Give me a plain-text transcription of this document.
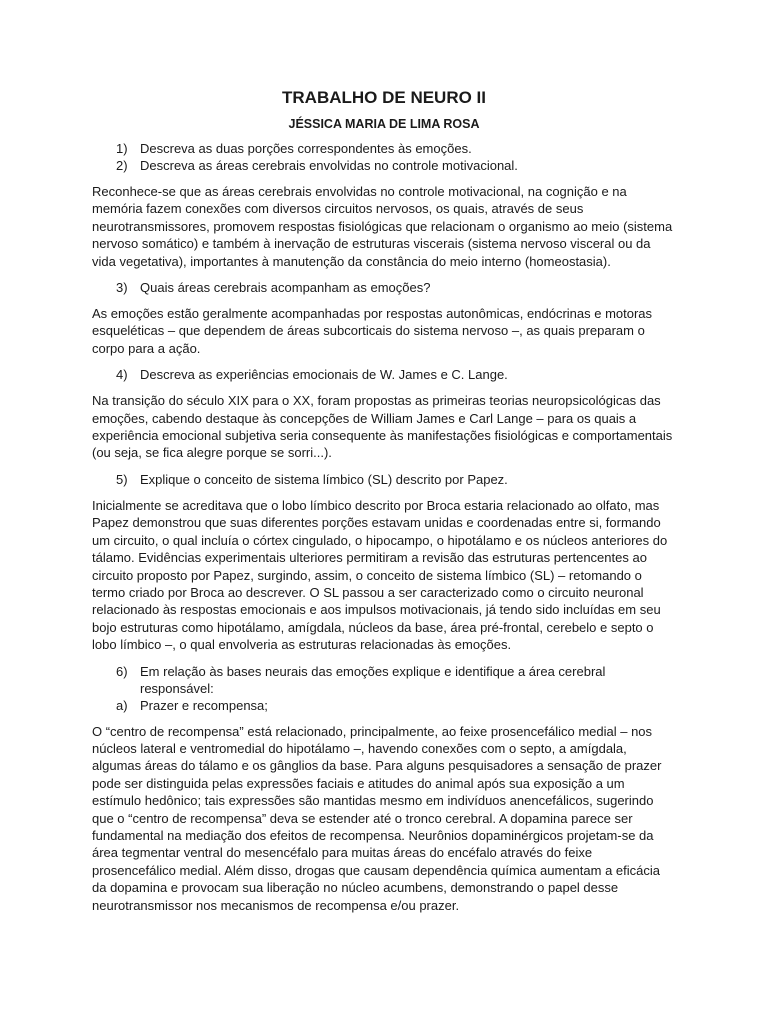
TRABALHO DE NEURO II
JÉSSICA MARIA DE LIMA ROSA
1) Descreva as duas porções correspondentes às emoções.
2) Descreva as áreas cerebrais envolvidas no controle motivacional.

Reconhece-se que as áreas cerebrais envolvidas no controle motivacional, na cognição e na memória fazem conexões com diversos circuitos nervosos, os quais, através de seus neurotransmissores, promovem respostas fisiológicas que relacionam o organismo ao meio (sistema nervoso somático) e também à inervação de estruturas viscerais (sistema nervoso visceral ou da vida vegetativa), importantes à manutenção da constância do meio interno (homeostasia).

3) Quais áreas cerebrais acompanham as emoções?

As emoções estão geralmente acompanhadas por respostas autonômicas, endócrinas e motoras esqueléticas – que dependem de áreas subcorticais do sistema nervoso –, as quais preparam o corpo para a ação.

4) Descreva as experiências emocionais de W. James e C. Lange.

Na transição do século XIX para o XX, foram propostas as primeiras teorias neuropsicológicas das emoções, cabendo destaque às concepções de William James e Carl Lange – para os quais a experiência emocional subjetiva seria consequente às manifestações fisiológicas e comportamentais (ou seja, se fica alegre porque se sorri...).

5) Explique o conceito de sistema límbico (SL) descrito por Papez.

Inicialmente se acreditava que o lobo límbico descrito por Broca estaria relacionado ao olfato, mas Papez demonstrou que suas diferentes porções estavam unidas e coordenadas entre si, formando um circuito, o qual incluía o córtex cingulado, o hipocampo, o hipotálamo e os núcleos anteriores do tálamo. Evidências experimentais ulteriores permitiram a revisão das estruturas pertencentes ao circuito proposto por Papez, surgindo, assim, o conceito de sistema límbico (SL) – retomando o termo criado por Broca ao descrever. O SL passou a ser caracterizado como o circuito neuronal relacionado às respostas emocionais e aos impulsos motivacionais, já tendo sido incluídas em seu bojo estruturas como hipotálamo, amígdala, núcleos da base, área pré-frontal, cerebelo e septo o lobo límbico –, o qual envolveria as estruturas relacionadas às emoções.

6) Em relação às bases neurais das emoções explique e identifique a área cerebral responsável:
a) Prazer e recompensa;

O “centro de recompensa” está relacionado, principalmente, ao feixe prosencefálico medial – nos núcleos lateral e ventromedial do hipotálamo –, havendo conexões com o septo, a amígdala, algumas áreas do tálamo e os gânglios da base. Para alguns pesquisadores a sensação de prazer pode ser distinguida pelas expressões faciais e atitudes do animal após sua exposição a um estímulo hedônico; tais expressões são mantidas mesmo em indivíduos anencefálicos, sugerindo que o “centro de recompensa” deva se estender até o tronco cerebral. A dopamina parece ser fundamental na mediação dos efeitos de recompensa. Neurônios dopaminérgicos projetam-se da área tegmentar ventral do mesencéfalo para muitas áreas do encéfalo através do feixe prosencefálico medial. Além disso, drogas que causam dependência química aumentam a eficácia da dopamina e provocam sua liberação no núcleo acumbens, demonstrando o papel desse neurotransmissor nos mecanismos de recompensa e/ou prazer.
